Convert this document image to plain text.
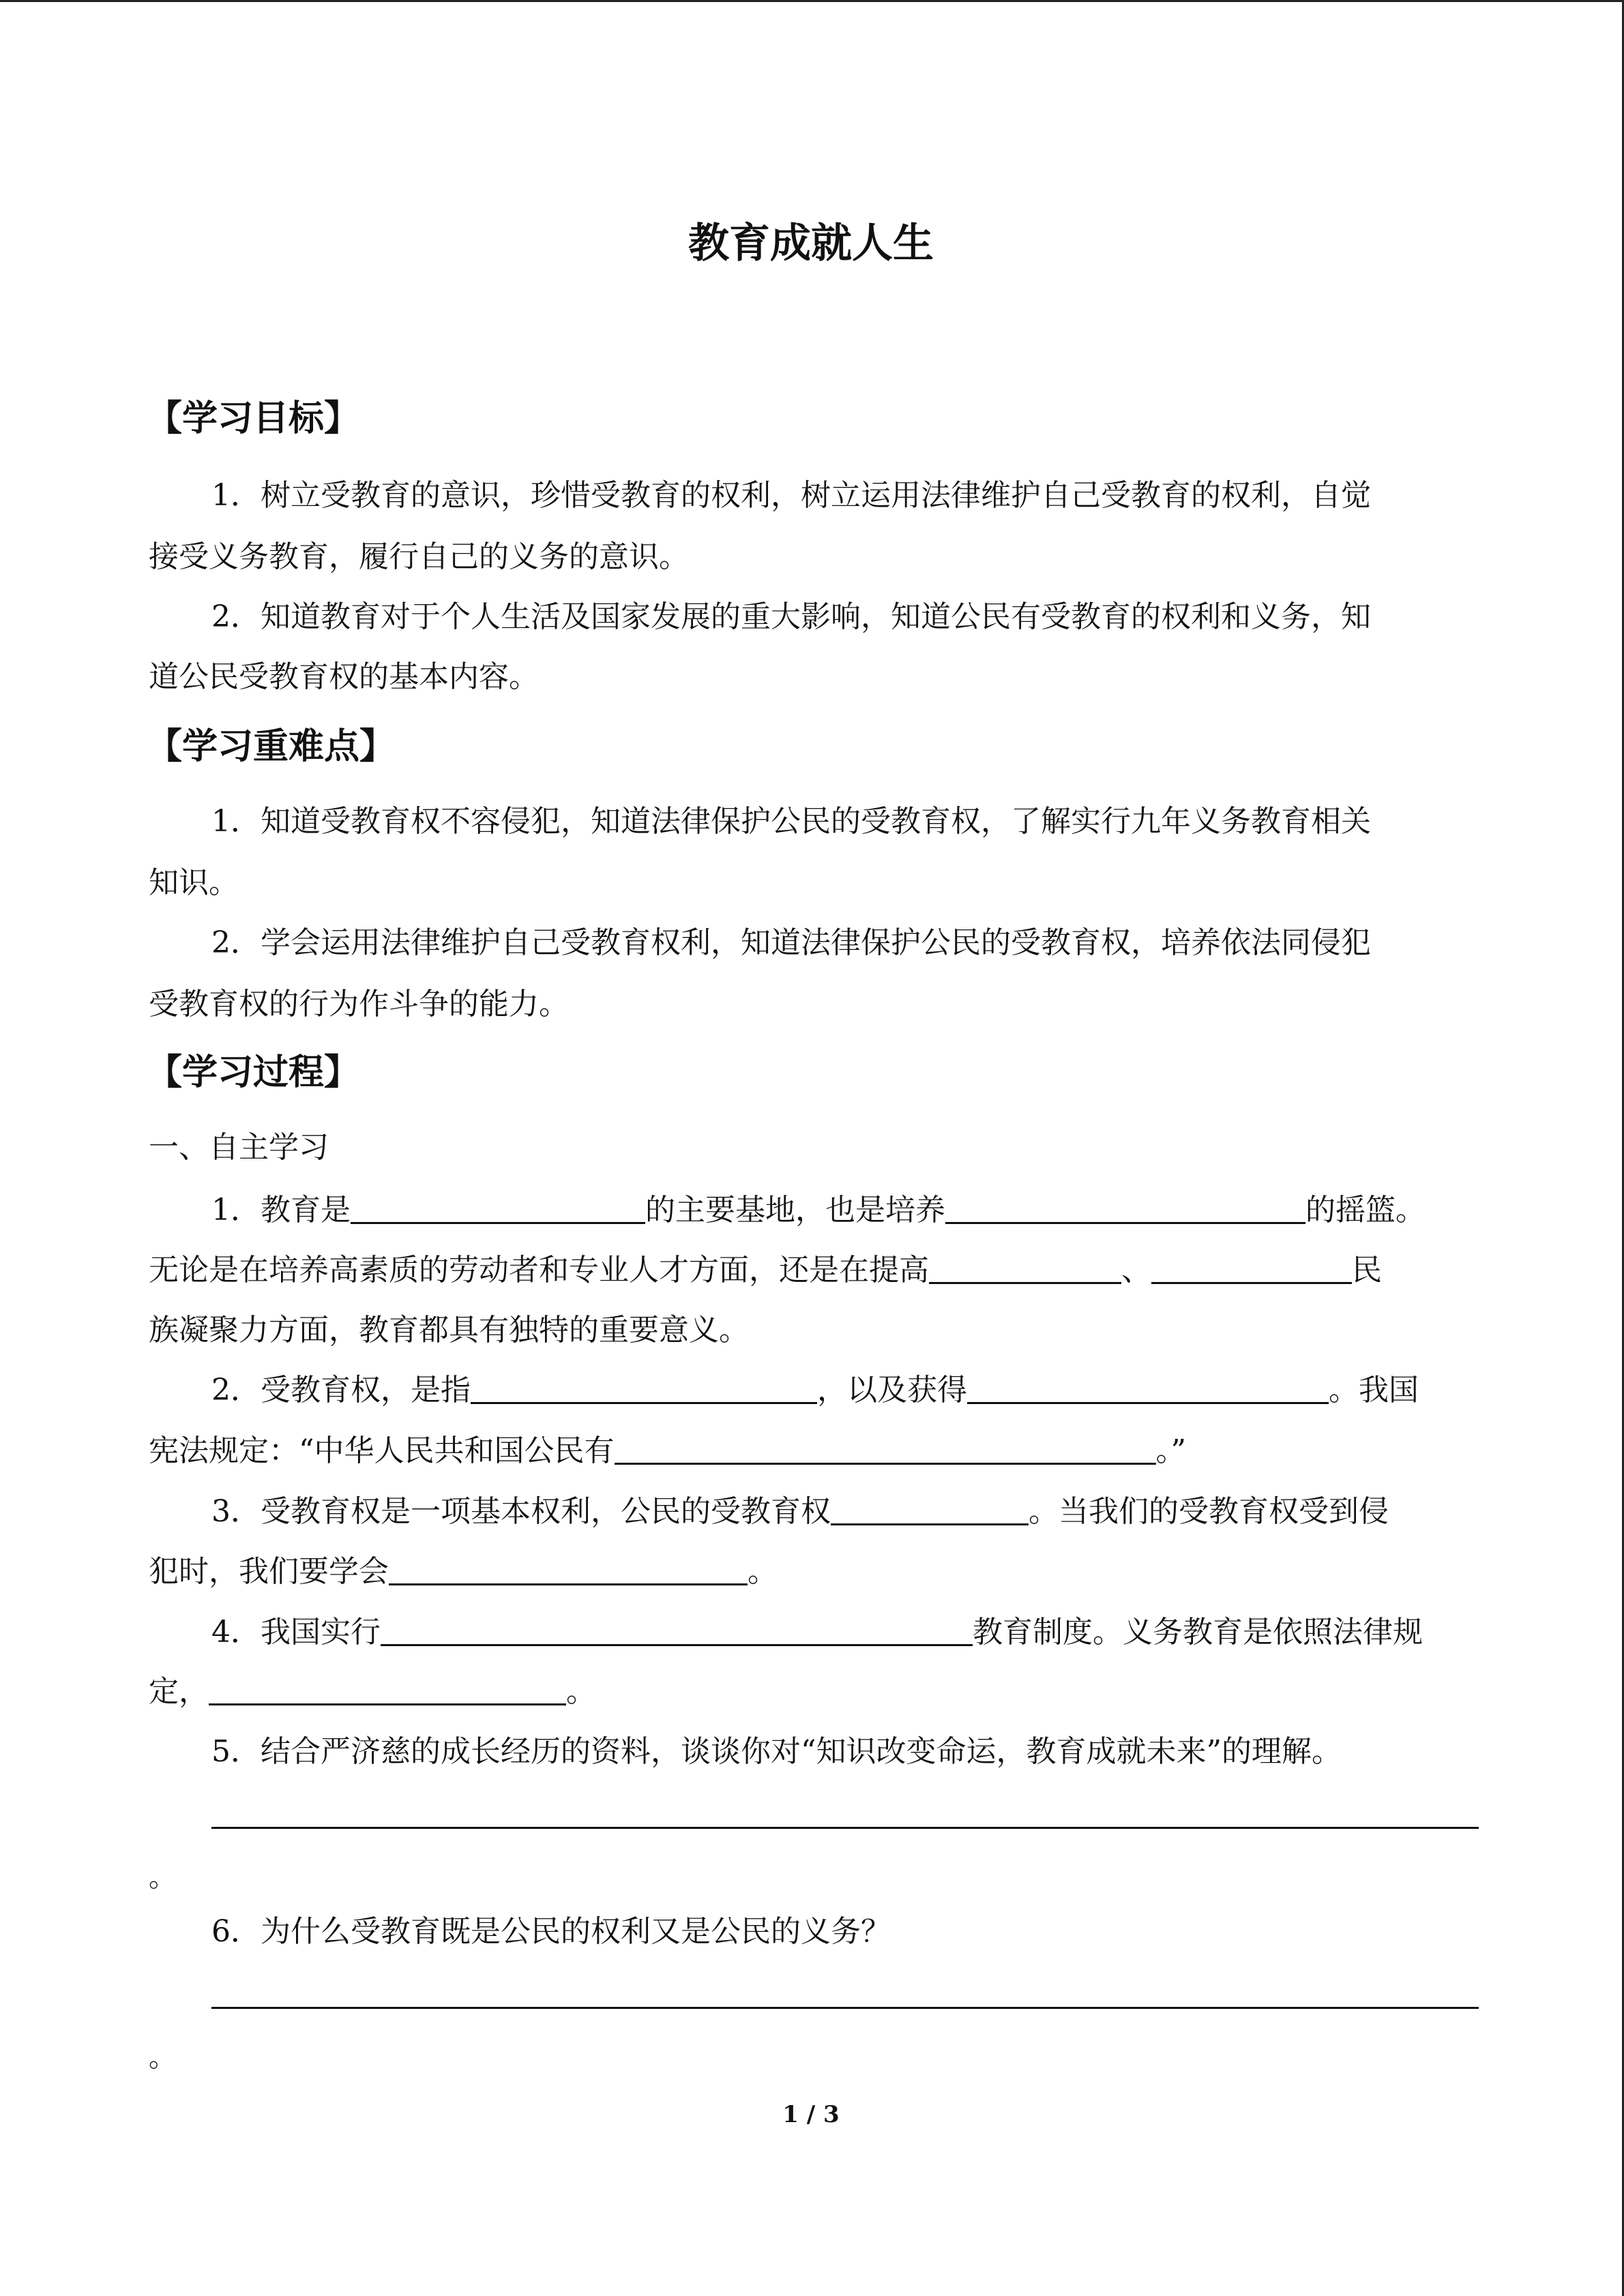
教育成就人生
【学习目标】
1．树立受教育的意识，珍惜受教育的权利，树立运用法律维护自己受教育的权利，自觉
接受义务教育，履行自己的义务的意识。
2．知道教育对于个人生活及国家发展的重大影响，知道公民有受教育的权利和义务，知
道公民受教育权的基本内容。
【学习重难点】
1．知道受教育权不容侵犯，知道法律保护公民的受教育权，了解实行九年义务教育相关
知识。
2．学会运用法律维护自己受教育权利，知道法律保护公民的受教育权，培养依法同侵犯
受教育权的行为作斗争的能力。
【学习过程】
一、自主学习
1．教育是	的主要基地，也是培养	的摇篮。
无论是在培养高素质的劳动者和专业人才方面，还是在提高	、	民
族凝聚力方面，教育都具有独特的重要意义。
2．受教育权，是指	，以及获得	。我国
宪法规定：“中华人民共和国公民有	。”
3．受教育权是一项基本权利，公民的受教育权	。当我们的受教育权受到侵
犯时，我们要学会	。
4．我国实行	教育制度。义务教育是依照法律规
定，	。
5．结合严济慈的成长经历的资料，谈谈你对“知识改变命运，教育成就未来”的理解。
。
6．为什么受教育既是公民的权利又是公民的义务？
。
1 / 3
